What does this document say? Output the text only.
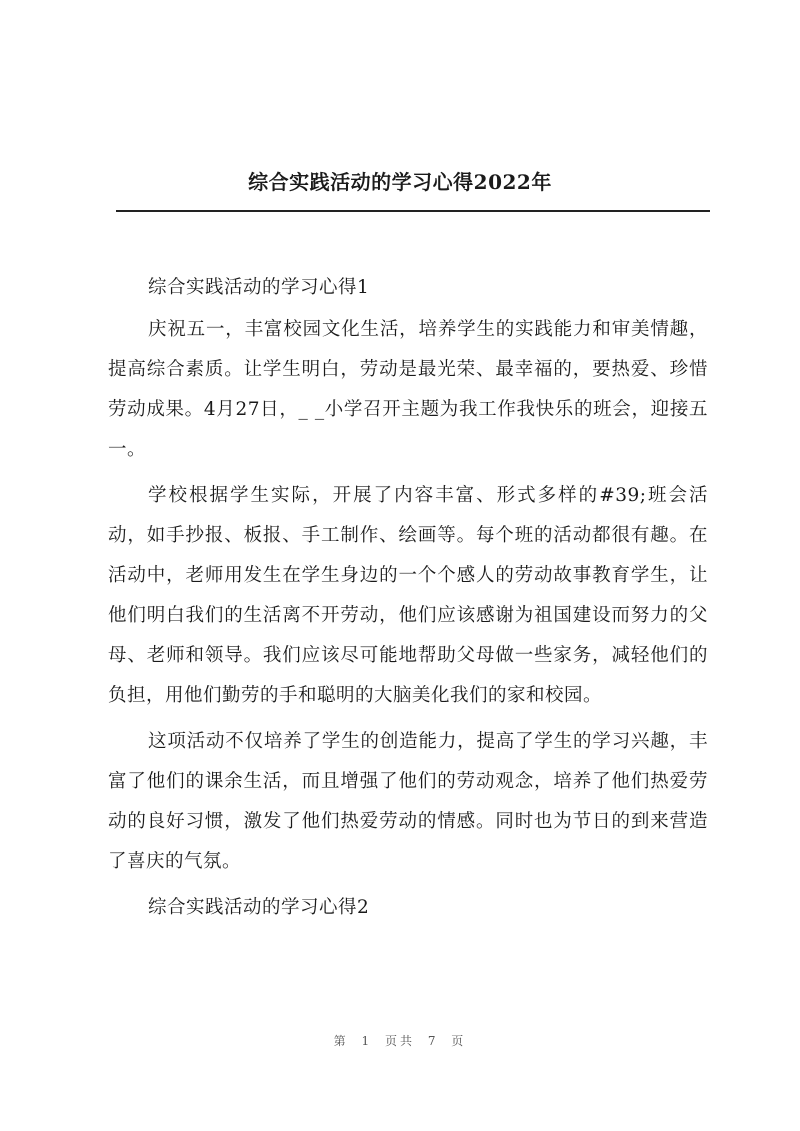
综合实践活动的学习心得2022年

综合实践活动的学习心得1

庆祝五一，丰富校园文化生活，培养学生的实践能力和审美情趣，提高综合素质。让学生明白，劳动是最光荣、最幸福的，要热爱、珍惜劳动成果。4月27日，_ _小学召开主题为我工作我快乐的班会，迎接五一。

学校根据学生实际，开展了内容丰富、形式多样的#39;班会活动，如手抄报、板报、手工制作、绘画等。每个班的活动都很有趣。在活动中，老师用发生在学生身边的一个个感人的劳动故事教育学生，让他们明白我们的生活离不开劳动，他们应该感谢为祖国建设而努力的父母、老师和领导。我们应该尽可能地帮助父母做一些家务，减轻他们的负担，用他们勤劳的手和聪明的大脑美化我们的家和校园。

这项活动不仅培养了学生的创造能力，提高了学生的学习兴趣，丰富了他们的课余生活，而且增强了他们的劳动观念，培养了他们热爱劳动的良好习惯，激发了他们热爱劳动的情感。同时也为节日的到来营造了喜庆的气氛。

综合实践活动的学习心得2

第 1 页共 7 页
